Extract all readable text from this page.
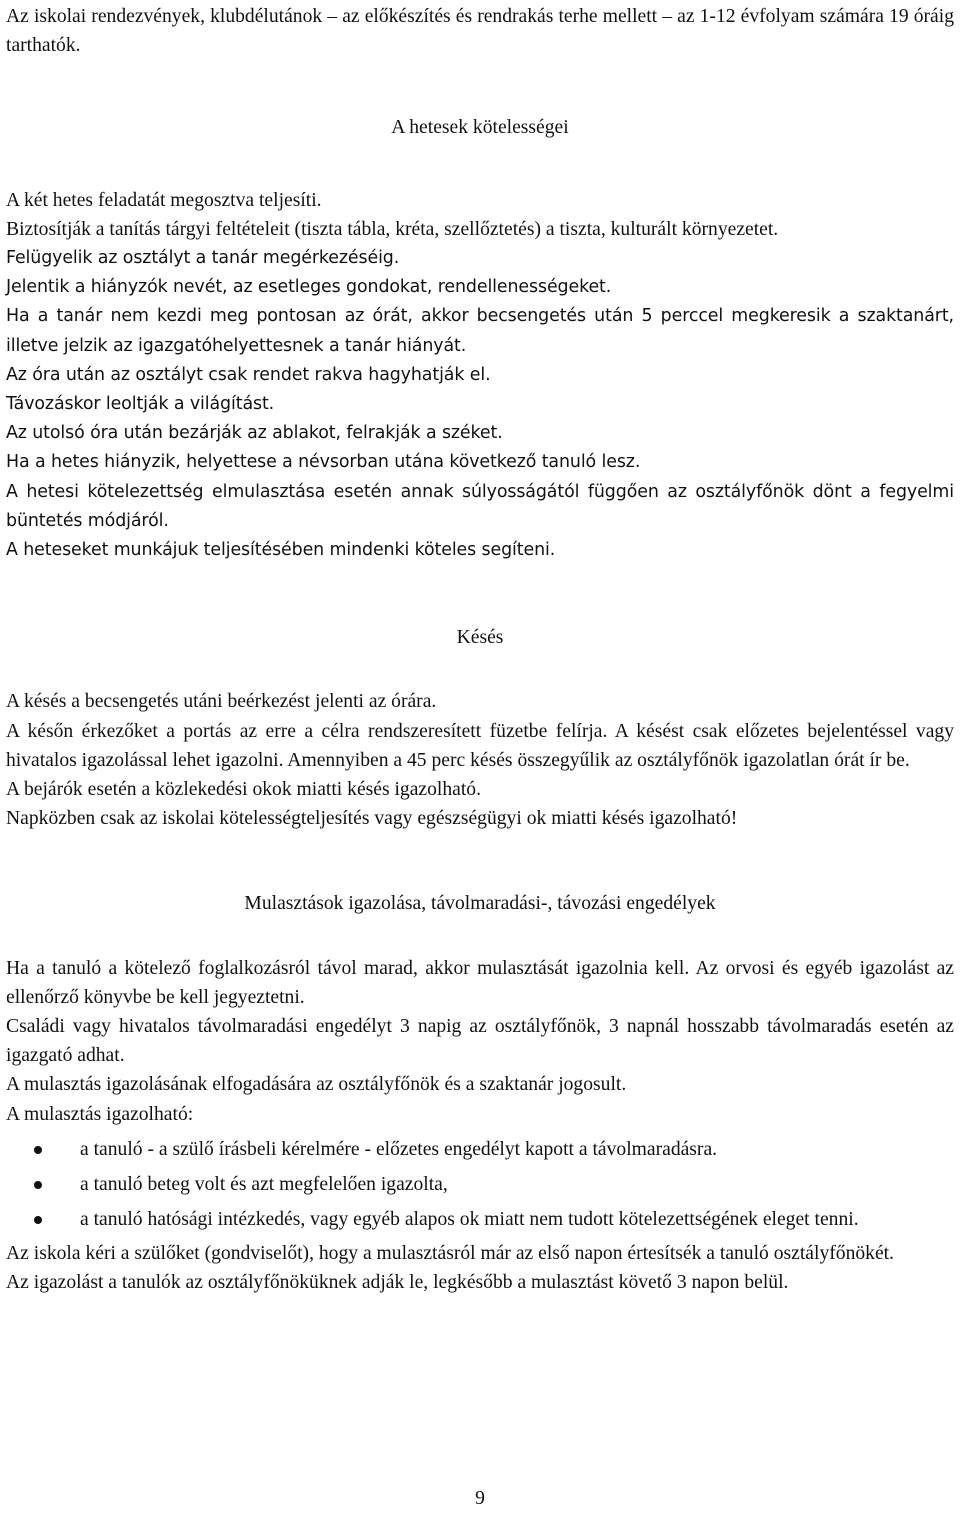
Az iskolai rendezvények, klubdélutánok – az előkészítés és rendrakás terhe mellett – az 1-12 évfolyam számára 19 óráig tarthatók.

A hetesek kötelességei

A két hetes feladatát megosztva teljesíti.

Biztosítják a tanítás tárgyi feltételeit (tiszta tábla, kréta, szellőztetés) a tiszta, kulturált környezetet.

Felügyelik az osztályt a tanár megérkezéséig.

Jelentik a hiányzók nevét, az esetleges gondokat, rendellenességeket.

Ha a tanár nem kezdi meg pontosan az órát, akkor becsengetés után 5 perccel megkeresik a szaktanárt, illetve jelzik az igazgatóhelyettesnek a tanár hiányát.

Az óra után az osztályt csak rendet rakva hagyhatják el.

Távozáskor leoltják a világítást.

Az utolsó óra után bezárják az ablakot, felrakják a széket.

Ha a hetes hiányzik, helyettese a névsorban utána következő tanuló lesz.

A hetesi kötelezettség elmulasztása esetén annak súlyosságától függően az osztályfőnök dönt a fegyelmi büntetés módjáról.

A heteseket munkájuk teljesítésében mindenki köteles segíteni.

Késés

A késés a becsengetés utáni beérkezést jelenti az órára.

A későn érkezőket a portás az erre a célra rendszeresített füzetbe felírja. A késést csak előzetes bejelentéssel vagy hivatalos igazolással lehet igazolni. Amennyiben a 45 perc késés összegyűlik az osztályfőnök igazolatlan órát ír be.

A bejárók esetén a közlekedési okok miatti késés igazolható.

Napközben csak az iskolai kötelességteljesítés vagy egészségügyi ok miatti késés igazolható!

Mulasztások igazolása, távolmaradási-, távozási engedélyek

Ha a tanuló a kötelező foglalkozásról távol marad, akkor mulasztását igazolnia kell. Az orvosi és egyéb igazolást az ellenőrző könyvbe be kell jegyeztetni.

Családi vagy hivatalos távolmaradási engedélyt 3 napig az osztályfőnök, 3 napnál hosszabb távolmaradás esetén az igazgató adhat.

A mulasztás igazolásának elfogadására az osztályfőnök és a szaktanár jogosult.

A mulasztás igazolható:

a tanuló - a szülő írásbeli kérelmére - előzetes engedélyt kapott a távolmaradásra.
a tanuló beteg volt és azt megfelelően igazolta,
a tanuló hatósági intézkedés, vagy egyéb alapos ok miatt nem tudott kötelezettségének eleget tenni.

Az iskola kéri a szülőket (gondviselőt), hogy a mulasztásról már az első napon értesítsék a tanuló osztályfőnökét.

Az igazolást a tanulók az osztályfőnöküknek adják le, legkésőbb a mulasztást követő 3 napon belül.

9
